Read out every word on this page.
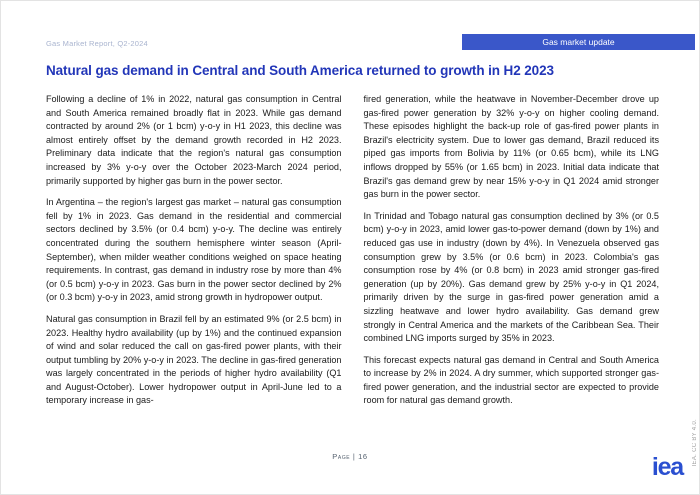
Gas Market Report, Q2-2024	Gas market update
Natural gas demand in Central and South America returned to growth in H2 2023

Following a decline of 1% in 2022, natural gas consumption in Central and South America remained broadly flat in 2023. While gas demand contracted by around 2% (or 1 bcm) y-o-y in H1 2023, this decline was almost entirely offset by the demand growth recorded in H2 2023. Preliminary data indicate that the region's natural gas consumption increased by 3% y-o-y over the October 2023-March 2024 period, primarily supported by higher gas burn in the power sector.

In Argentina – the region's largest gas market – natural gas consumption fell by 1% in 2023. Gas demand in the residential and commercial sectors declined by 3.5% (or 0.4 bcm) y-o-y. The decline was entirely concentrated during the southern hemisphere winter season (April-September), when milder weather conditions weighed on space heating requirements. In contrast, gas demand in industry rose by more than 4% (or 0.5 bcm) y-o-y in 2023. Gas burn in the power sector declined by 2% (or 0.3 bcm) y-o-y in 2023, amid strong growth in hydropower output.

Natural gas consumption in Brazil fell by an estimated 9% (or 2.5 bcm) in 2023. Healthy hydro availability (up by 1%) and the continued expansion of wind and solar reduced the call on gas-fired power plants, with their output tumbling by 20% y-o-y in 2023. The decline in gas-fired generation was largely concentrated in the periods of higher hydro availability (Q1 and August-October). Lower hydropower output in April-June led to a temporary increase in gas-

fired generation, while the heatwave in November-December drove up gas-fired power generation by 32% y-o-y on higher cooling demand. These episodes highlight the back-up role of gas-fired power plants in Brazil's electricity system. Due to lower gas demand, Brazil reduced its piped gas imports from Bolivia by 11% (or 0.65 bcm), while its LNG inflows dropped by 55% (or 1.65 bcm) in 2023. Initial data indicate that Brazil's gas demand grew by near 15% y-o-y in Q1 2024 amid stronger gas burn in the power sector.

In Trinidad and Tobago natural gas consumption declined by 3% (or 0.5 bcm) y-o-y in 2023, amid lower gas-to-power demand (down by 1%) and reduced gas use in industry (down by 4%). In Venezuela observed gas consumption grew by 3.5% (or 0.6 bcm) in 2023. Colombia's gas consumption rose by 4% (or 0.8 bcm) in 2023 amid stronger gas-fired generation (up by 20%). Gas demand grew by 25% y-o-y in Q1 2024, primarily driven by the surge in gas-fired power generation amid a sizzling heatwave and lower hydro availability. Gas demand grew strongly in Central America and the markets of the Caribbean Sea. Their combined LNG imports surged by 35% in 2023.

This forecast expects natural gas demand in Central and South America to increase by 2% in 2024. A dry summer, which supported stronger gas-fired power generation, and the industrial sector are expected to provide room for natural gas demand growth.

Page | 16	iea
IEA. CC BY 4.0.
